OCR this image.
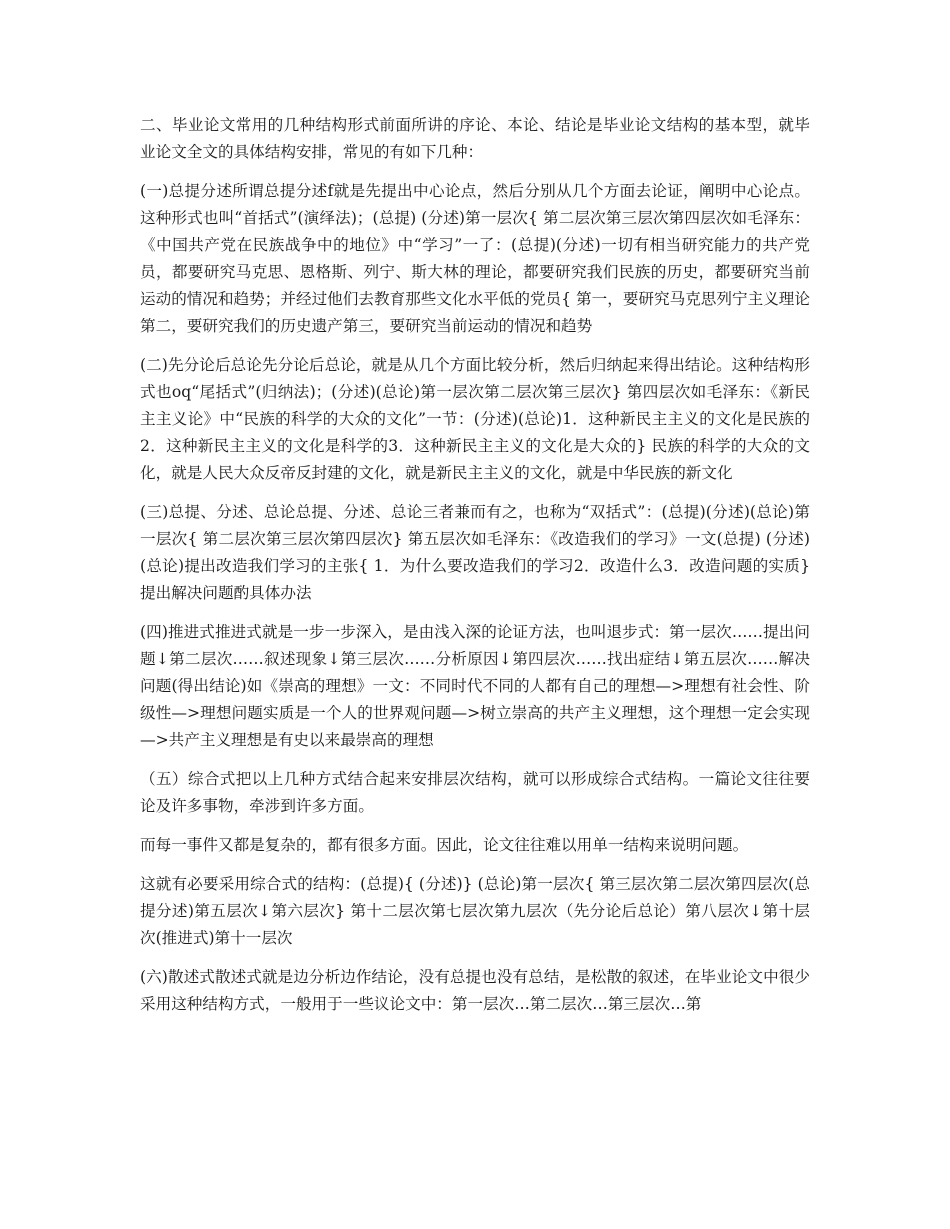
二、毕业论文常用的几种结构形式前面所讲的序论、本论、结论是毕业论文结构的基本型，就毕业论文全文的具体结构安排，常见的有如下几种：

(一)总提分述所谓总提分述f就是先提出中心论点，然后分别从几个方面去论证，阐明中心论点。这种形式也叫“首括式”(演绎法)；(总提) (分述)第一层次{ 第二层次第三层次第四层次如毛泽东：《中国共产党在民族战争中的地位》中“学习”一了：(总提)(分述)一切有相当研究能力的共产党员，都要研究马克思、恩格斯、列宁、斯大林的理论，都要研究我们民族的历史，都要研究当前运动的情况和趋势；并经过他们去教育那些文化水平低的党员{ 第一，要研究马克思列宁主义理论第二，要研究我们的历史遗产第三，要研究当前运动的情况和趋势

(二)先分论后总论先分论后总论，就是从几个方面比较分析，然后归纳起来得出结论。这种结构形式也oq“尾括式”(归纳法)；(分述)(总论)第一层次第二层次第三层次} 第四层次如毛泽东：《新民主主义论》中“民族的科学的大众的文化”一节：(分述)(总论)1．这种新民主主义的文化是民族的2．这种新民主主义的文化是科学的3．这种新民主主义的文化是大众的} 民族的科学的大众的文化，就是人民大众反帝反封建的文化，就是新民主主义的文化，就是中华民族的新文化

(三)总提、分述、总论总提、分述、总论三者兼而有之，也称为“双括式”：(总提)(分述)(总论)第一层次{ 第二层次第三层次第四层次} 第五层次如毛泽东：《改造我们的学习》一文(总提) (分述)(总论)提出改造我们学习的主张{ 1．为什么要改造我们的学习2．改造什么3．改造问题的实质} 提出解决问题酌具体办法

(四)推进式推进式就是一步一步深入，是由浅入深的论证方法，也叫退步式：第一层次……提出问题↓第二层次……叙述现象↓第三层次……分析原因↓第四层次……找出症结↓第五层次……解决问题(得出结论)如《崇高的理想》一文：不同时代不同的人都有自己的理想—>理想有社会性、阶级性—>理想问题实质是一个人的世界观问题—>树立崇高的共产主义理想，这个理想一定会实现—>共产主义理想是有史以来最崇高的理想

（五）综合式把以上几种方式结合起来安排层次结构，就可以形成综合式结构。一篇论文往往要论及许多事物，牵涉到许多方面。

而每一事件又都是复杂的，都有很多方面。因此，论文往往难以用单一结构来说明问题。

这就有必要采用综合式的结构：(总提){ (分述)} (总论)第一层次{ 第三层次第二层次第四层次(总提分述)第五层次↓第六层次} 第十二层次第七层次第九层次（先分论后总论）第八层次↓第十层次(推进式)第十一层次

(六)散述式散述式就是边分析边作结论，没有总提也没有总结，是松散的叙述，在毕业论文中很少采用这种结构方式，一般用于一些议论文中：第一层次…第二层次…第三层次…第
